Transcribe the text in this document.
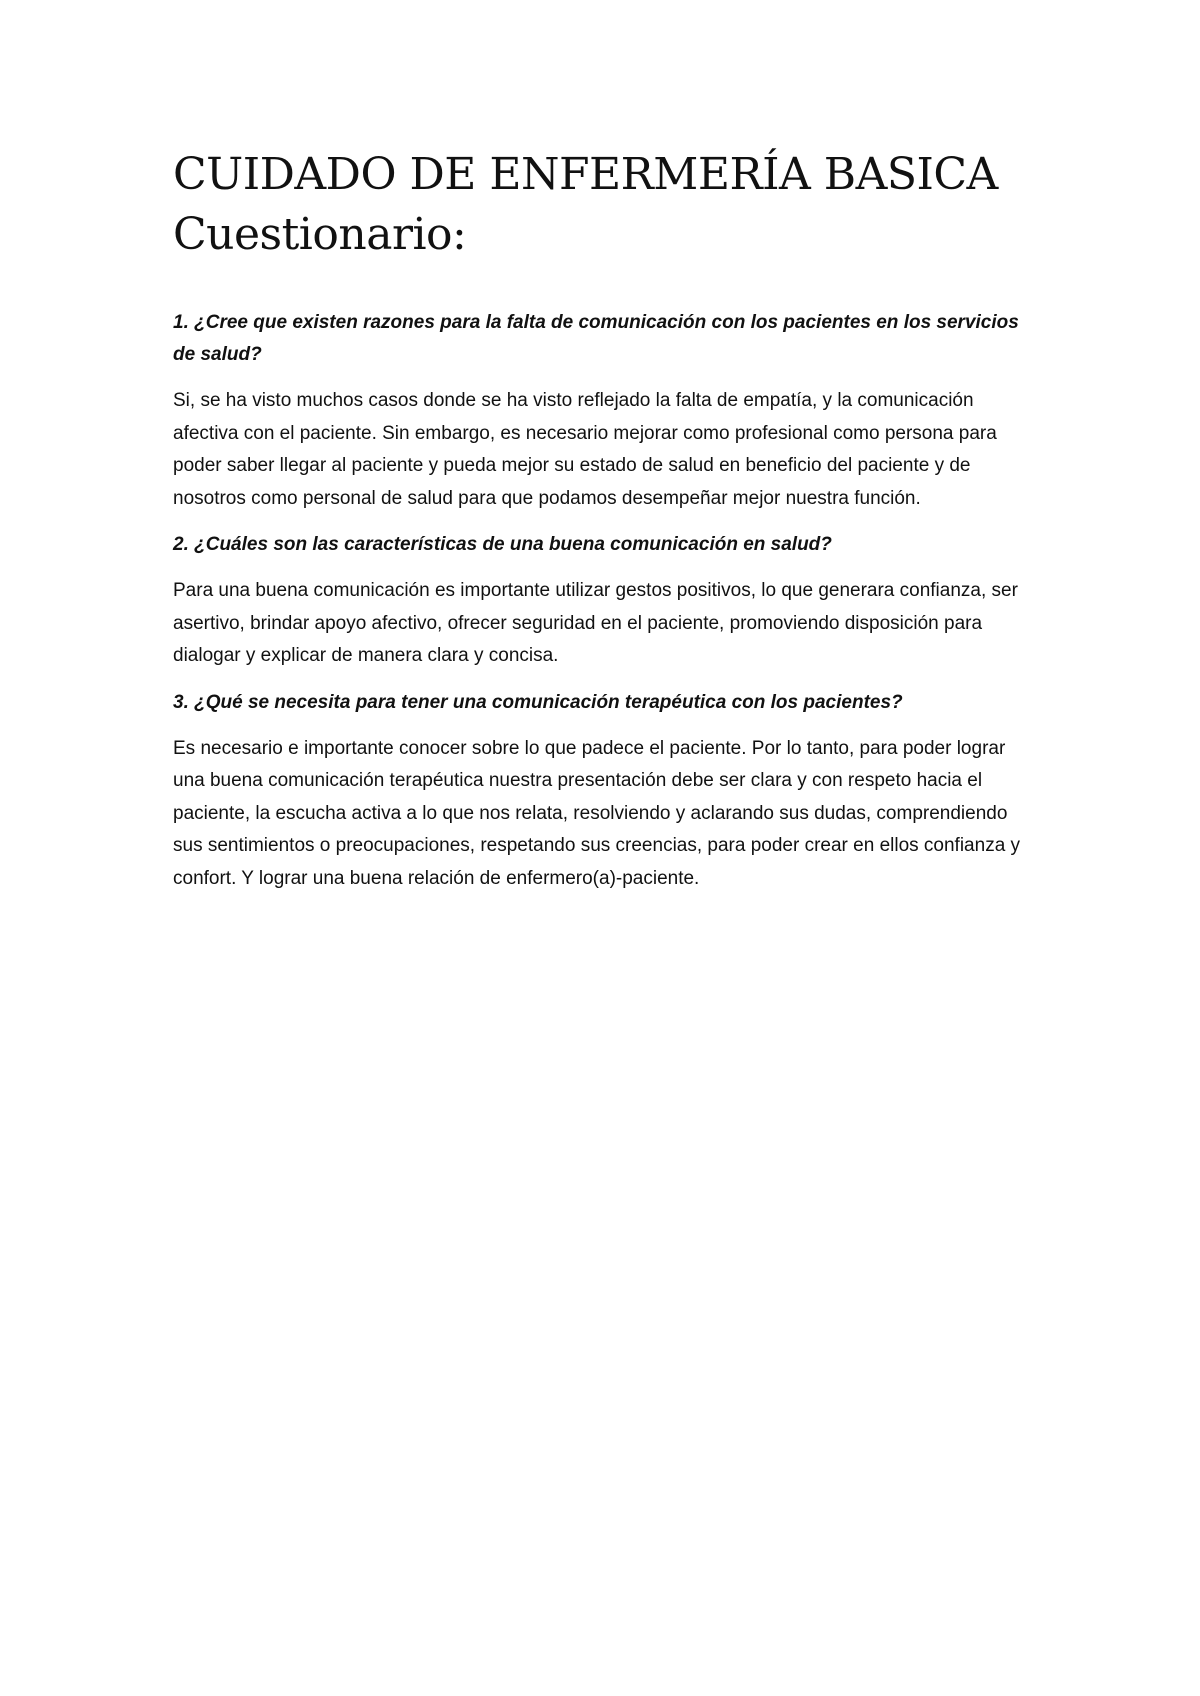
CUIDADO DE ENFERMERÍA BASICA
Cuestionario:

1. ¿Cree que existen razones para la falta de comunicación con los pacientes en los servicios de salud?

Si, se ha visto muchos casos donde se ha visto reflejado la falta de empatía, y la comunicación afectiva con el paciente. Sin embargo, es necesario mejorar como profesional como persona para poder saber llegar al paciente y pueda mejor su estado de salud en beneficio del paciente y de nosotros como personal de salud para que podamos desempeñar mejor nuestra función.

2. ¿Cuáles son las características de una buena comunicación en salud?

Para una buena comunicación es importante utilizar gestos positivos, lo que generara confianza, ser asertivo, brindar apoyo afectivo, ofrecer seguridad en el paciente, promoviendo disposición para dialogar y explicar de manera clara y concisa.

3. ¿Qué se necesita para tener una comunicación terapéutica con los pacientes?

Es necesario e importante conocer sobre lo que padece el paciente. Por lo tanto, para poder lograr una buena comunicación terapéutica nuestra presentación debe ser clara y con respeto hacia el paciente, la escucha activa a lo que nos relata, resolviendo y aclarando sus dudas, comprendiendo sus sentimientos o preocupaciones, respetando sus creencias, para poder crear en ellos confianza y confort. Y lograr una buena relación de enfermero(a)-paciente.
